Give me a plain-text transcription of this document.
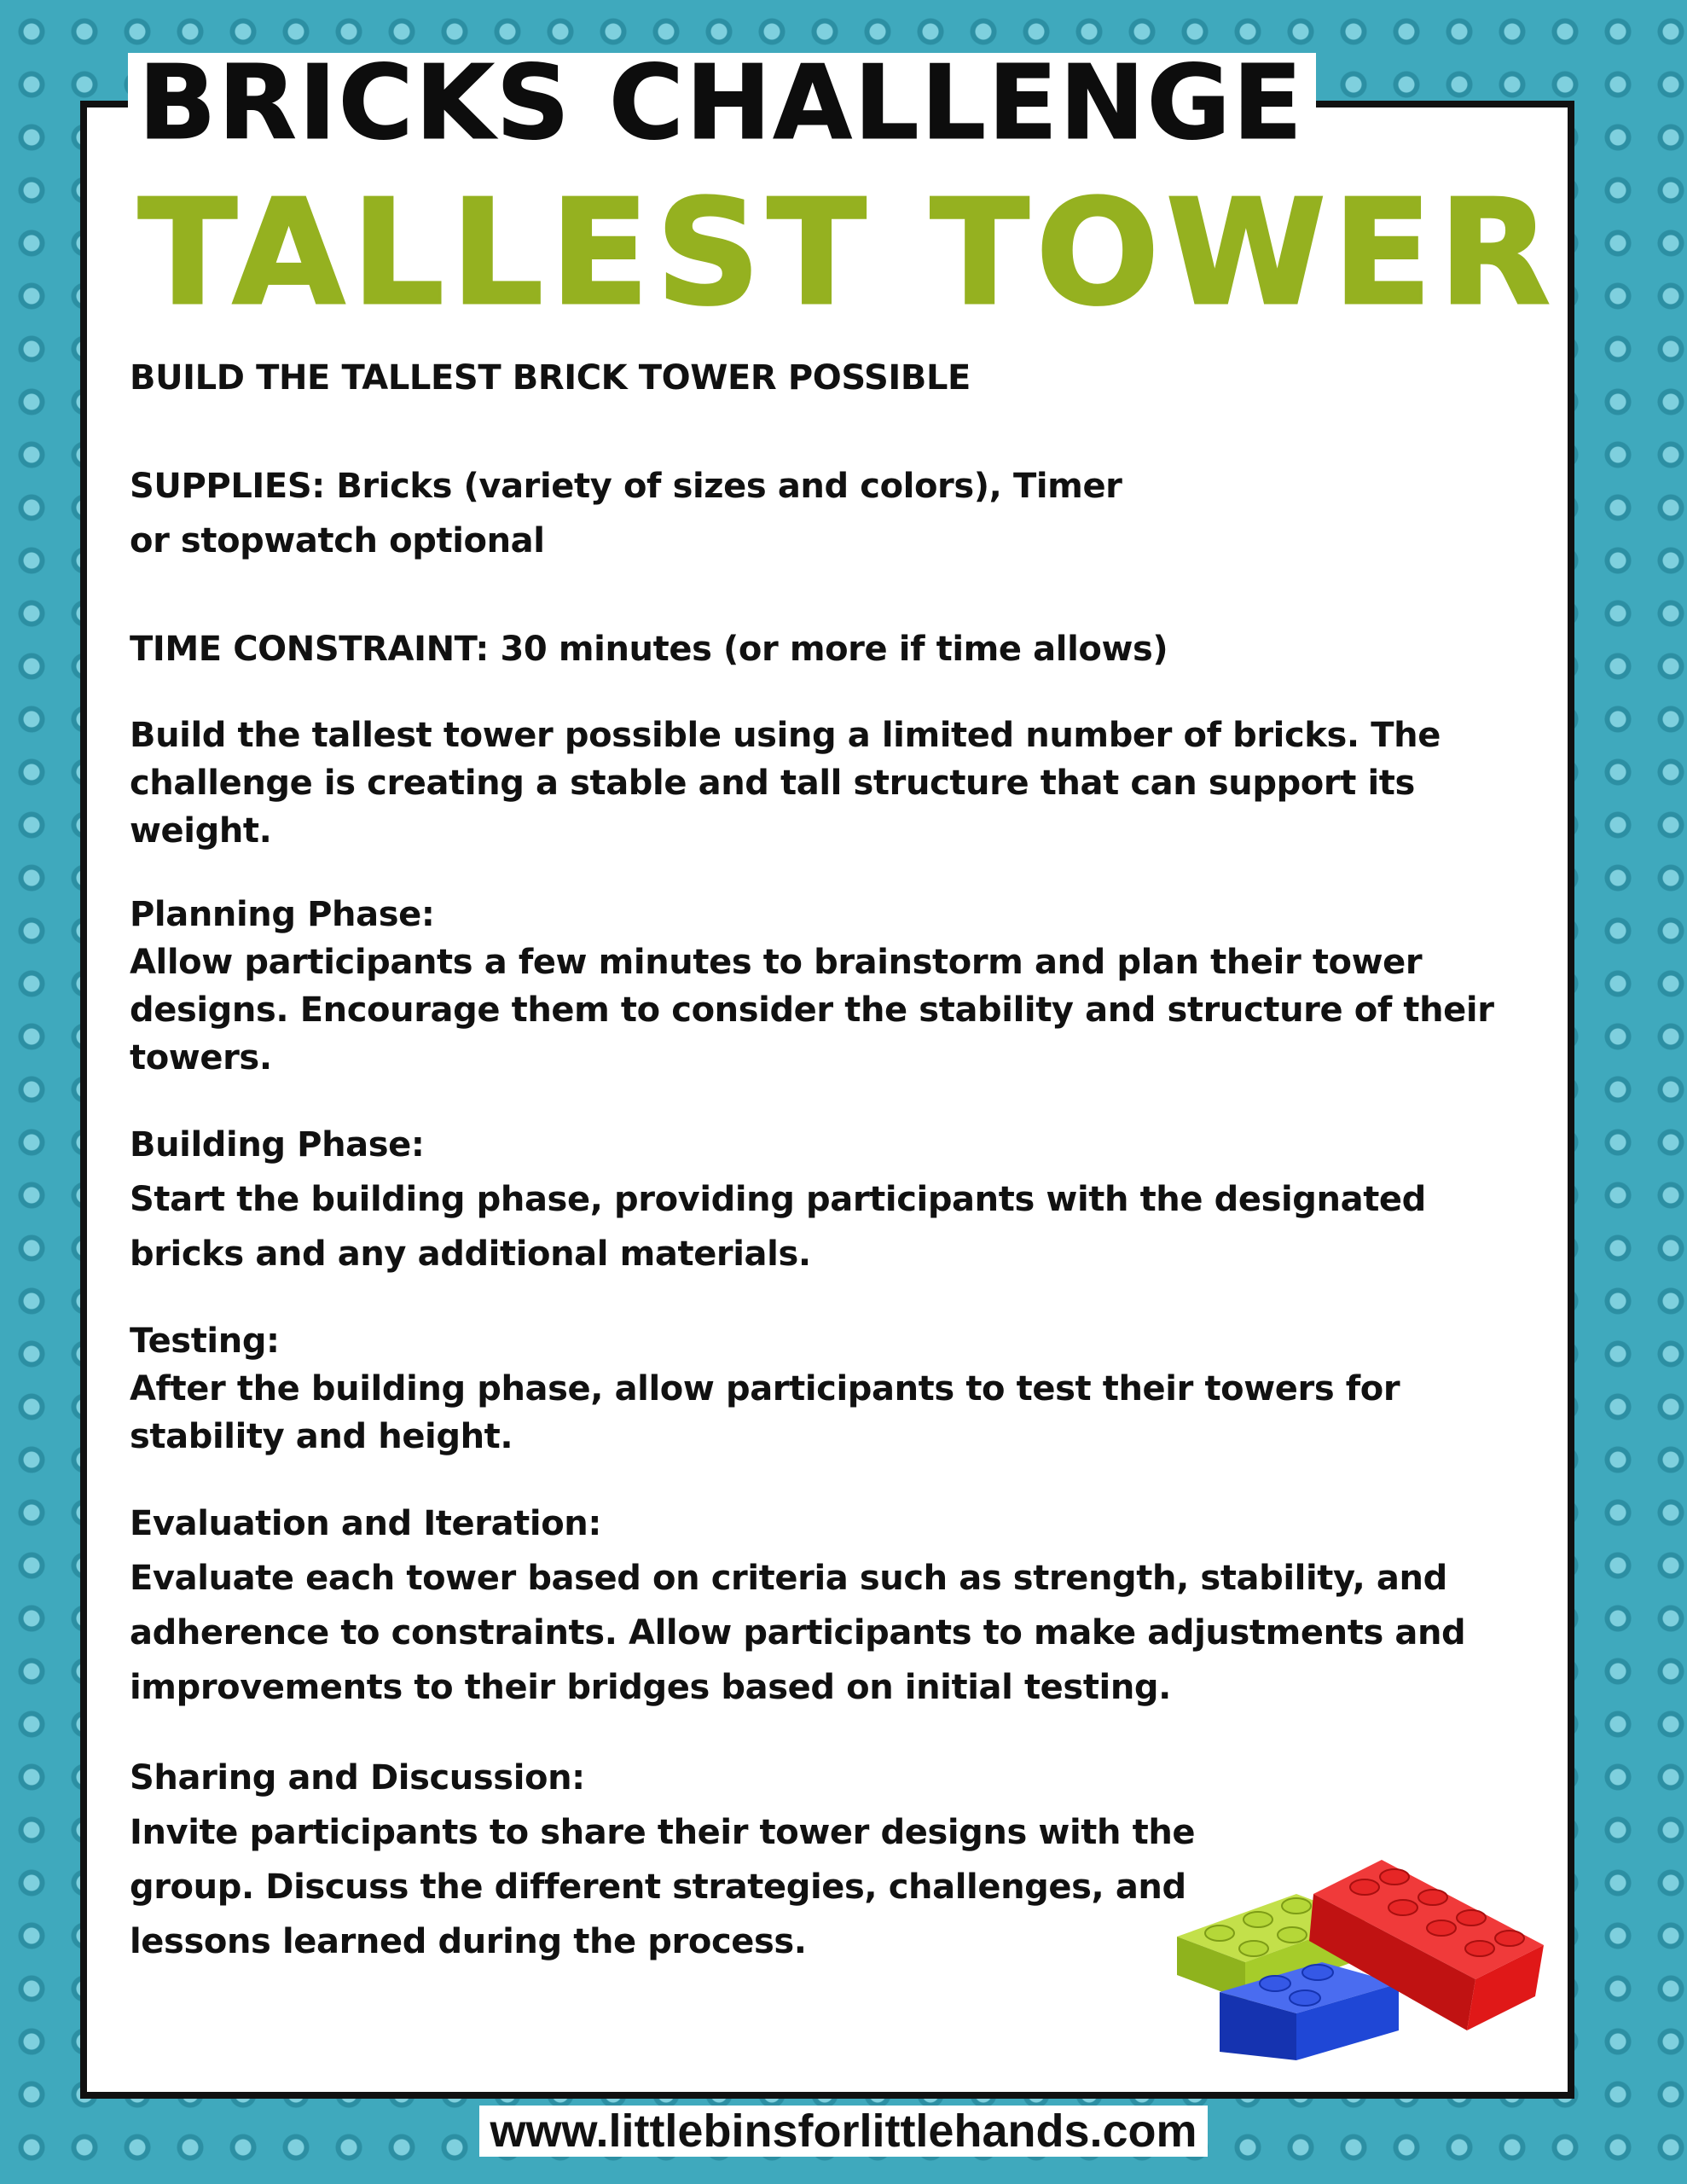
BRICKS CHALLENGE
TALLEST TOWER

BUILD THE TALLEST BRICK TOWER POSSIBLE

SUPPLIES: Bricks (variety of sizes and colors), Timer or stopwatch optional

TIME CONSTRAINT: 30 minutes (or more if time allows)

Build the tallest tower possible using a limited number of bricks. The challenge is creating a stable and tall structure that can support its weight.

Planning Phase:

Allow participants a few minutes to brainstorm and plan their tower designs. Encourage them to consider the stability and structure of their towers.

Building Phase:

Start the building phase, providing participants with the designated bricks and any additional materials.

Testing:

After the building phase, allow participants to test their towers for stability and height.

Evaluation and Iteration:

Evaluate each tower based on criteria such as strength, stability, and adherence to constraints. Allow participants to make adjustments and improvements to their bridges based on initial testing.

Sharing and Discussion:

Invite participants to share their tower designs with the group. Discuss the different strategies, challenges, and lessons learned during the process.

www.littlebinsforlittlehands.com
